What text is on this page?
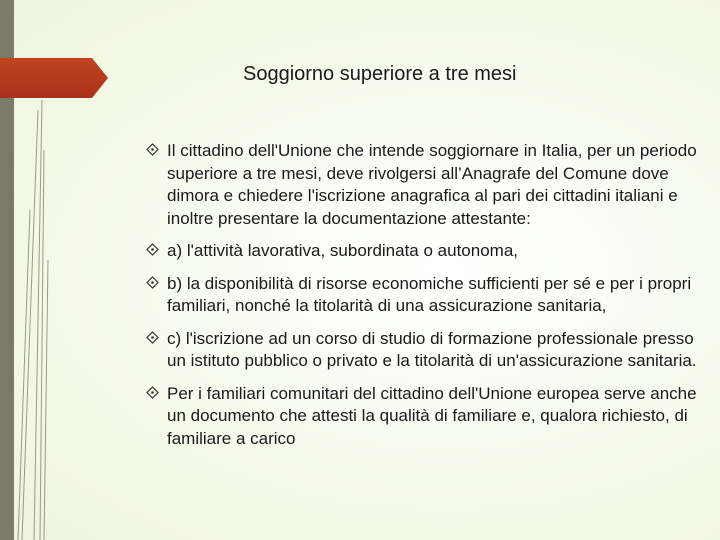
Soggiorno superiore a tre mesi
Il cittadino dell'Unione che intende soggiornare in Italia, per un periodo superiore a tre mesi, deve rivolgersi all’Anagrafe del Comune dove dimora e chiedere l'iscrizione anagrafica al pari dei cittadini italiani e inoltre presentare la documentazione attestante:
a) l'attività lavorativa, subordinata o autonoma,
b) la disponibilità di risorse economiche sufficienti per sé e per i propri familiari, nonché la titolarità di una assicurazione sanitaria,
c) l'iscrizione ad un corso di studio di formazione professionale presso un istituto pubblico o privato e la titolarità di un'assicurazione sanitaria.
Per i familiari comunitari del cittadino dell'Unione europea serve anche un documento che attesti la qualità di familiare e, qualora richiesto, di familiare a carico
